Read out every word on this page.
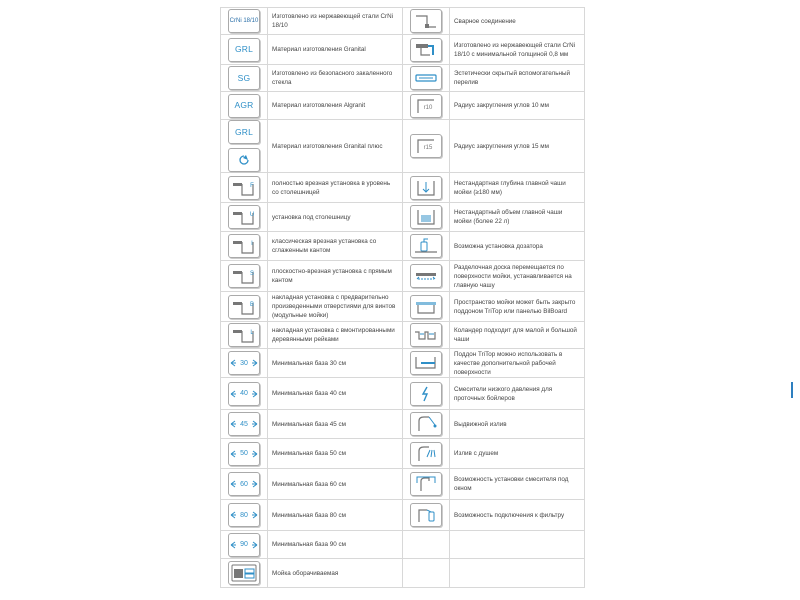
CrNi 18/10	Изготовлено из нержавеющей стали CrNi 18/10		Сварное соединение

GRL	Материал изготовления Granital		Изготовлено из нержавеющей стали CrNi 18/10 с минимальной толщиной 0,8 мм

SG	Изготовлено из безопасного закаленного стекла		Эстетически скрытый вспомогательный перелив

AGR	Материал изготовления Algranit	r10	Радиус закругления углов 10 мм

GRL	Материал изготовления Granital плюс	r15	Радиус закругления углов 15 мм

F	полностью врезная установка в уровень со столешницей		Нестандартная глубина главной чаши мойки (≥180 мм)

U	установка под столешницу		Нестандартный объем главной чаши мойки (более 22 л)

I	классическая врезная установка со сглаженным кантом		Возможна установка дозатора

S	плоскостно-врезная установка с прямым кантом		Разделочная доска перемещается по поверхности мойки, устанавливается на главную чашу

B	накладная установка с предварительно произведенными отверстиями для винтов (модульные мойки)		Пространство мойки может быть закрыто поддоном TriTop или панелью BilBoard

L	накладная установка с вмонтированными деревянными рейками		Коландер подходит для малой и большой чаши

30	Минимальная база 30 см		Поддон TriTop можно использовать в качестве дополнительной рабочей поверхности

40	Минимальная база 40 см		Смесители низкого давления для проточных бойлеров

45	Минимальная база 45 см		Выдвижной излив

50	Минимальная база 50 см		Излив с душем

60	Минимальная база 60 см		Возможность установки смесителя под окном

80	Минимальная база 80 см		Возможность подключения к фильтру

90	Минимальная база 90 см		

	Мойка оборачиваемая		
